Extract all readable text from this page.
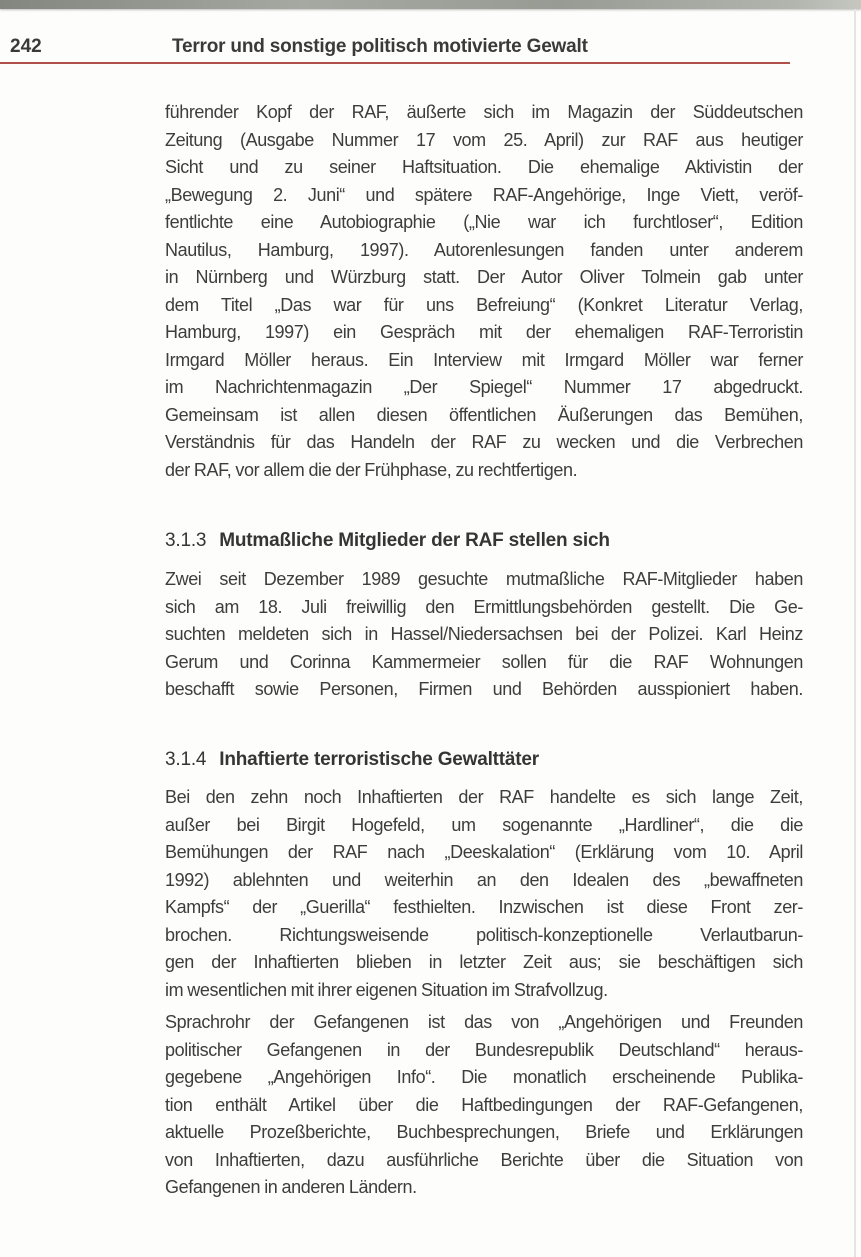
242	Terror und sonstige politisch motivierte Gewalt
führender Kopf der RAF, äußerte sich im Magazin der Süddeutschen
Zeitung (Ausgabe Nummer 17 vom 25. April) zur RAF aus heutiger
Sicht und zu seiner Haftsituation. Die ehemalige Aktivistin der
„Bewegung 2. Juni“ und spätere RAF-Angehörige, Inge Viett, veröf-
fentlichte eine Autobiographie („Nie war ich furchtloser“, Edition
Nautilus, Hamburg, 1997). Autorenlesungen fanden unter anderem
in Nürnberg und Würzburg statt. Der Autor Oliver Tolmein gab unter
dem Titel „Das war für uns Befreiung“ (Konkret Literatur Verlag,
Hamburg, 1997) ein Gespräch mit der ehemaligen RAF-Terroristin
Irmgard Möller heraus. Ein Interview mit Irmgard Möller war ferner
im Nachrichtenmagazin „Der Spiegel“ Nummer 17 abgedruckt.
Gemeinsam ist allen diesen öffentlichen Äußerungen das Bemühen,
Verständnis für das Handeln der RAF zu wecken und die Verbrechen
der RAF, vor allem die der Frühphase, zu rechtfertigen.
3.1.3 Mutmaßliche Mitglieder der RAF stellen sich
Zwei seit Dezember 1989 gesuchte mutmaßliche RAF-Mitglieder haben
sich am 18. Juli freiwillig den Ermittlungsbehörden gestellt. Die Ge-
suchten meldeten sich in Hassel/Niedersachsen bei der Polizei. Karl Heinz
Gerum und Corinna Kammermeier sollen für die RAF Wohnungen
beschafft sowie Personen, Firmen und Behörden ausspioniert haben.
3.1.4 Inhaftierte terroristische Gewalttäter
Bei den zehn noch Inhaftierten der RAF handelte es sich lange Zeit,
außer bei Birgit Hogefeld, um sogenannte „Hardliner“, die die
Bemühungen der RAF nach „Deeskalation“ (Erklärung vom 10. April
1992) ablehnten und weiterhin an den Idealen des „bewaffneten
Kampfs“ der „Guerilla“ festhielten. Inzwischen ist diese Front zer-
brochen. Richtungsweisende politisch-konzeptionelle Verlautbarun-
gen der Inhaftierten blieben in letzter Zeit aus; sie beschäftigen sich
im wesentlichen mit ihrer eigenen Situation im Strafvollzug.
Sprachrohr der Gefangenen ist das von „Angehörigen und Freunden
politischer Gefangenen in der Bundesrepublik Deutschland“ heraus-
gegebene „Angehörigen Info“. Die monatlich erscheinende Publika-
tion enthält Artikel über die Haftbedingungen der RAF-Gefangenen,
aktuelle Prozeßberichte, Buchbesprechungen, Briefe und Erklärungen
von Inhaftierten, dazu ausführliche Berichte über die Situation von
Gefangenen in anderen Ländern.
